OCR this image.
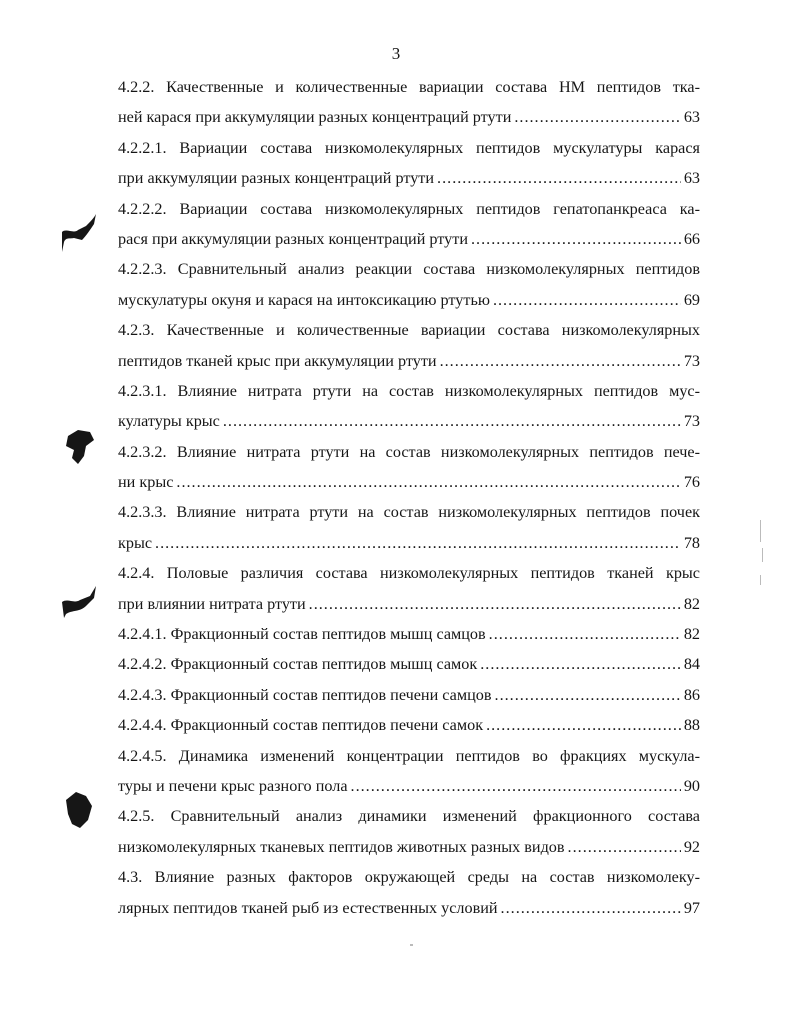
3
4.2.2. Качественные и количественные вариации состава НМ пептидов тка-
ней карася при аккумуляции разных концентраций ртути .....	63
4.2.2.1. Вариации состава низкомолекулярных пептидов мускулатуры карася
при аккумуляции разных концентраций ртути .....	63
4.2.2.2. Вариации состава низкомолекулярных пептидов гепатопанкреаса ка-
рася при аккумуляции разных концентраций ртути .....	66
4.2.2.3. Сравнительный анализ реакции состава низкомолекулярных пептидов
мускулатуры окуня и карася на интоксикацию ртутью .....	69
4.2.3. Качественные и количественные вариации состава низкомолекулярных
пептидов тканей крыс при аккумуляции ртути .....	73
4.2.3.1. Влияние нитрата ртути на состав низкомолекулярных пептидов мус-
кулатуры крыс .....	73
4.2.3.2. Влияние нитрата ртути на состав низкомолекулярных пептидов пече-
ни крыс .....	76
4.2.3.3. Влияние нитрата ртути на состав низкомолекулярных пептидов почек
крыс .....	78
4.2.4. Половые различия состава низкомолекулярных пептидов тканей крыс
при влиянии нитрата ртути .....	82
4.2.4.1. Фракционный состав пептидов мышц самцов .....	82
4.2.4.2. Фракционный состав пептидов мышц самок .....	84
4.2.4.3. Фракционный состав пептидов печени самцов .....	86
4.2.4.4. Фракционный состав пептидов печени самок .....	88
4.2.4.5. Динамика изменений концентрации пептидов во фракциях мускула-
туры и печени крыс разного пола .....	90
4.2.5. Сравнительный анализ динамики изменений фракционного состава
низкомолекулярных тканевых пептидов животных разных видов .....	92
4.3. Влияние разных факторов окружающей среды на состав низкомолеку-
лярных пептидов тканей рыб из естественных условий .....	97
